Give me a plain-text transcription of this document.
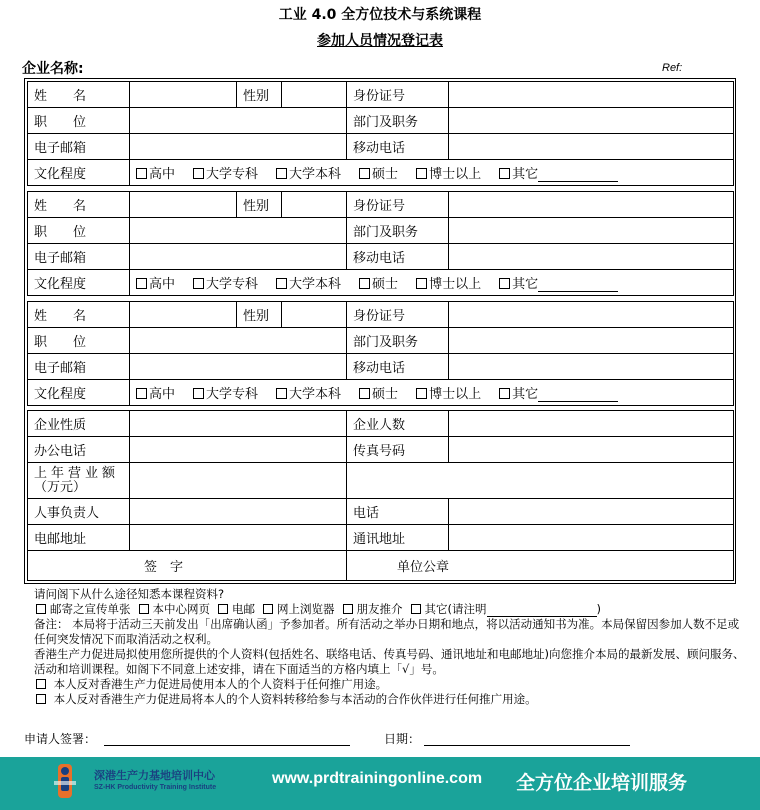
工业 4.0 全方位技术与系统课程
参加人员情况登记表
企业名称:	Ref:
姓　　名		性别		身份证号	
职　　位				部门及职务	
电子邮箱				移动电话	
文化程度	高中 大学专科 大学本科 硕士 博士以上 其它				
姓　　名		性别		身份证号	
职　　位				部门及职务	
电子邮箱				移动电话	
文化程度	高中 大学专科 大学本科 硕士 博士以上 其它				
姓　　名		性别		身份证号	
职　　位				部门及职务	
电子邮箱				移动电话	
文化程度	高中 大学专科 大学本科 硕士 博士以上 其它				
企业性质		企业人数	
办公电话		传真号码	
上年营业额
（万元）			
人事负责人		电话	
电邮地址		通讯地址	
签　字		单位公章	

请问阁下从什么途径知悉本课程资料?

邮寄之宣传单张 本中心网页 电邮 网上浏览器 朋友推介 其它(请注明	)

备注： 本局将于活动三天前发出「出席确认函」予参加者。所有活动之举办日期和地点，将以活动通知书为准。本局保留因参加人数不足或任何突发情况下而取消活动之权利。

香港生产力促进局拟使用您所提供的个人资料(包括姓名、联络电话、传真号码、通讯地址和电邮地址)向您推介本局的最新发展、顾问服务、活动和培训课程。如阁下不同意上述安排，请在下面适当的方格内填上「√」号。

本人反对香港生产力促进局使用本人的个人资料于任何推广用途。

本人反对香港生产力促进局将本人的个人资料转移给参与本活动的合作伙伴进行任何推广用途。

申请人签署：	日期：
深港生产力基地培训中心
SZ-HK Productivity Training Institute
www.prdtrainingonline.com 全方位企业培训服务
